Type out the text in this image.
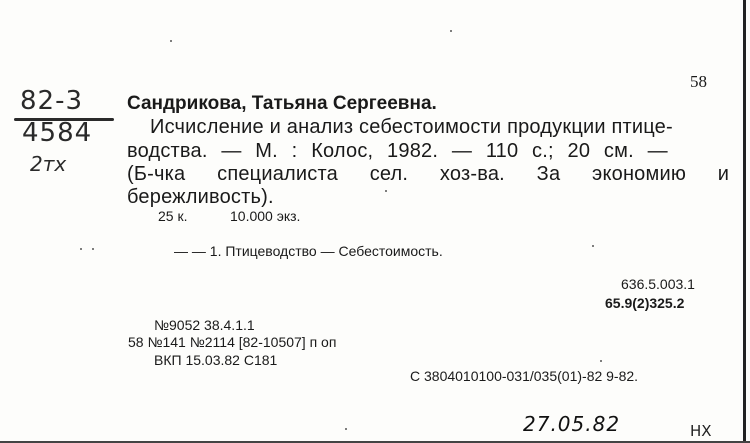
82-3
4584
2тх
58
Сандрикова, Татьяна Сергеевна.
Исчисление и анализ себестоимости продукции птице-
водства. — М. : Колос, 1982. — 110 с.; 20 см. —
(Б-чка специалиста сел. хоз-ва. За экономию и
бережливость).
25 к.	10.000 экз.
— — 1. Птицеводство — Себестоимость.
636.5.003.1
65.9(2)325.2
№9052 38.4.1.1
58 №141 №2114 [82-10507] п оп
ВКП 15.03.82 C181
C 3804010100-031/035(01)-82 9-82.
27.05.82	НХ
